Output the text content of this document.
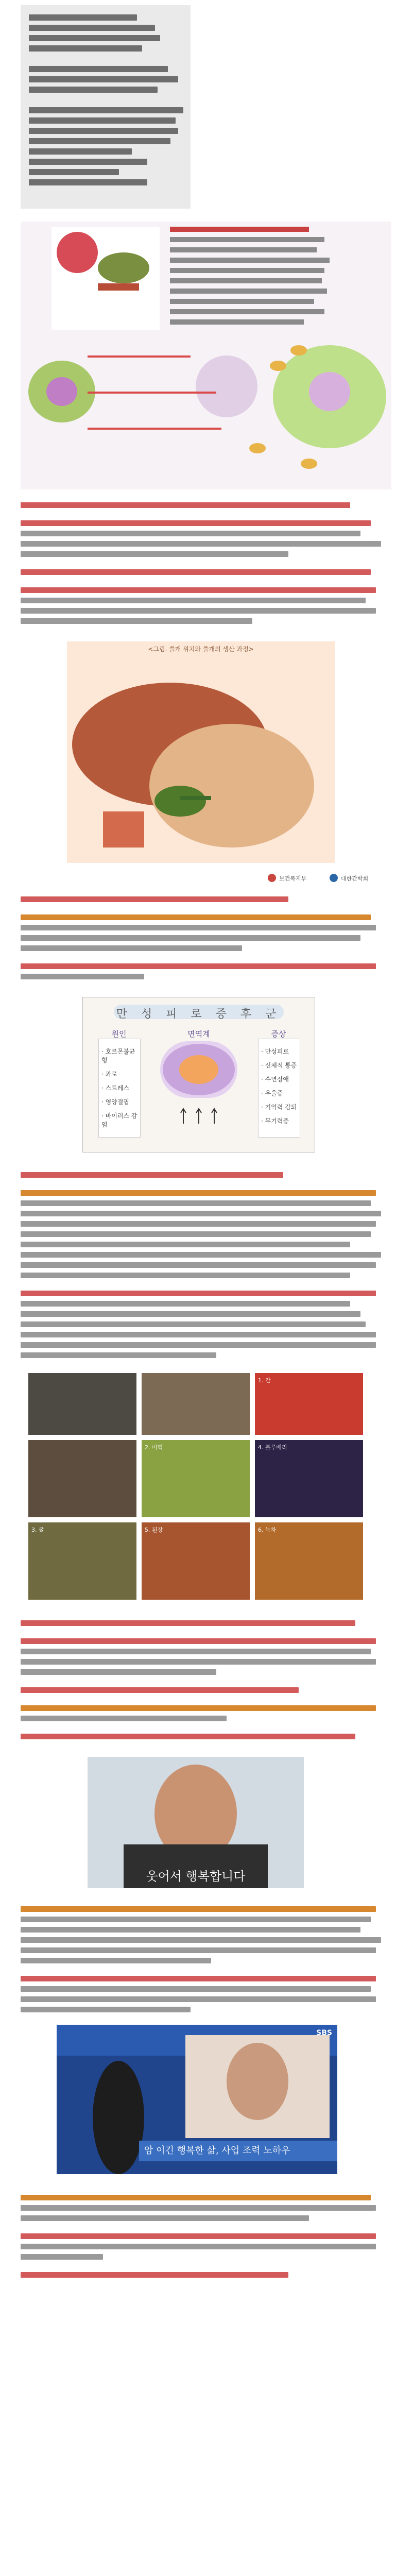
<그림. 쓸개 위치와 쓸개의 생산 과정>
보건복지부	대한간학회
만 성 피 로 증 후 군
원인	증상
· 호르몬불균형
· 과로
· 스트레스
· 영양결핍
· 바이러스 감염
· 만성피로
· 신체적 통증
· 수면장애
· 우울증
· 기억력 감퇴
· 무기력증
면역계
1. 간
2. 미역	4. 블루베리
3. 굴	5. 된장	6. 녹차
웃어서 행복합니다
SBS
암 이긴 행복한 삶, 사업 조력 노하우
